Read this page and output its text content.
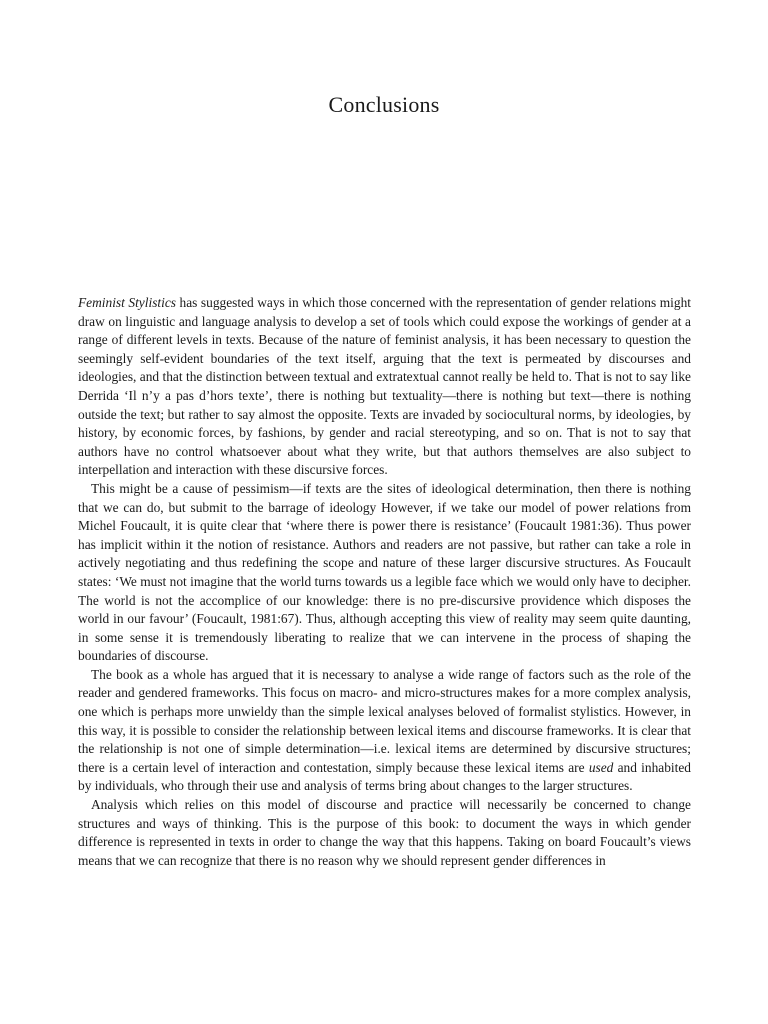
Conclusions

Feminist Stylistics has suggested ways in which those concerned with the representation of gender relations might draw on linguistic and language analysis to develop a set of tools which could expose the workings of gender at a range of different levels in texts. Because of the nature of feminist analysis, it has been necessary to question the seemingly self-evident boundaries of the text itself, arguing that the text is permeated by discourses and ideologies, and that the distinction between textual and extratextual cannot really be held to. That is not to say like Derrida ‘Il n’y a pas d’hors texte’, there is nothing but textuality—there is nothing but text—there is nothing outside the text; but rather to say almost the opposite. Texts are invaded by sociocultural norms, by ideologies, by history, by economic forces, by fashions, by gender and racial stereotyping, and so on. That is not to say that authors have no control whatsoever about what they write, but that authors themselves are also subject to interpellation and interaction with these discursive forces.

This might be a cause of pessimism—if texts are the sites of ideological determination, then there is nothing that we can do, but submit to the barrage of ideology However, if we take our model of power relations from Michel Foucault, it is quite clear that ‘where there is power there is resistance’ (Foucault 1981:36). Thus power has implicit within it the notion of resistance. Authors and readers are not passive, but rather can take a role in actively negotiating and thus redefining the scope and nature of these larger discursive structures. As Foucault states: ‘We must not imagine that the world turns towards us a legible face which we would only have to decipher. The world is not the accomplice of our knowledge: there is no pre-discursive providence which disposes the world in our favour’ (Foucault, 1981:67). Thus, although accepting this view of reality may seem quite daunting, in some sense it is tremendously liberating to realize that we can intervene in the process of shaping the boundaries of discourse.

The book as a whole has argued that it is necessary to analyse a wide range of factors such as the role of the reader and gendered frameworks. This focus on macro- and micro-structures makes for a more complex analysis, one which is perhaps more unwieldy than the simple lexical analyses beloved of formalist stylistics. However, in this way, it is possible to consider the relationship between lexical items and discourse frameworks. It is clear that the relationship is not one of simple determination—i.e. lexical items are determined by discursive structures; there is a certain level of interaction and contestation, simply because these lexical items are used and inhabited by individuals, who through their use and analysis of terms bring about changes to the larger structures.

Analysis which relies on this model of discourse and practice will necessarily be concerned to change structures and ways of thinking. This is the purpose of this book: to document the ways in which gender difference is represented in texts in order to change the way that this happens. Taking on board Foucault’s views means that we can recognize that there is no reason why we should represent gender differences in
